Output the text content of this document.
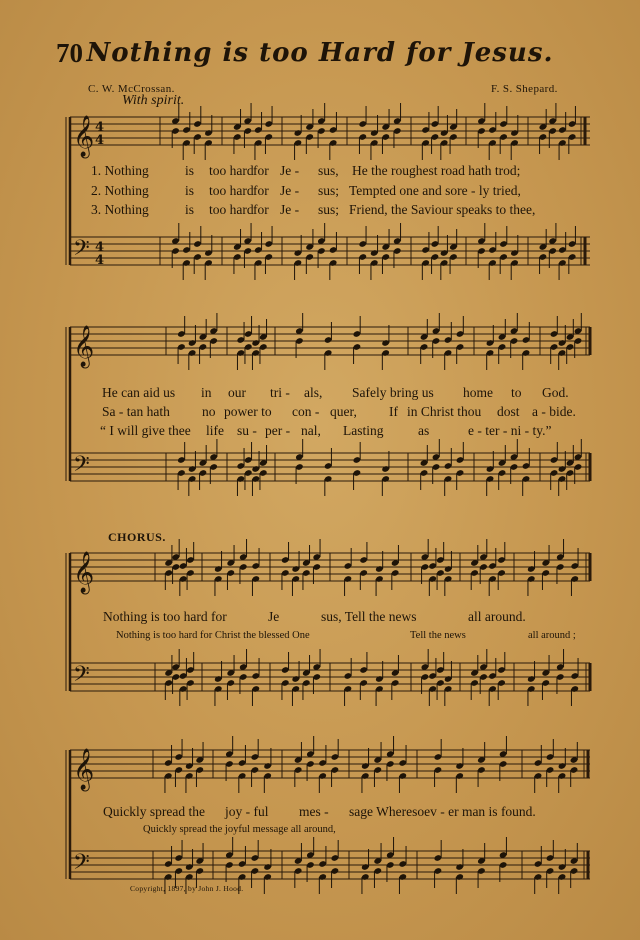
70 Nothing is too Hard for Jesus.
C. W. McCrossan.	F. S. Shepard.
With spirit.
CHORUS.
𝄞 4
4
𝄢 4
4
𝄞
𝄢
𝄞
𝄢
𝄞
𝄢
1. Nothing	is too hard for Je - sus, He the roughest road hath trod;
2. Nothing	is too hard for Je - sus; Tempted one and sore - ly tried,
3. Nothing	is too hard for Je - sus; Friend, the Saviour speaks to thee,
He can aid us in our tri - als, Safely bring us home to God.
Sa - tan hath no power to con - quer, If in Christ thou dost a - bide.
“ I will give thee life su - per - nal, Lasting	as	e - ter - ni - ty.”
Nothing is too hard for	Je	sus, Tell the news	all around.
Nothing is too hard for Christ the blessed One	Tell the news	all around ;
Quickly spread the joy - ful mes - sage Wheresoev - er man is found.
Quickly spread the joyful message all around,
Copyright, 1897, by John J. Hood.
